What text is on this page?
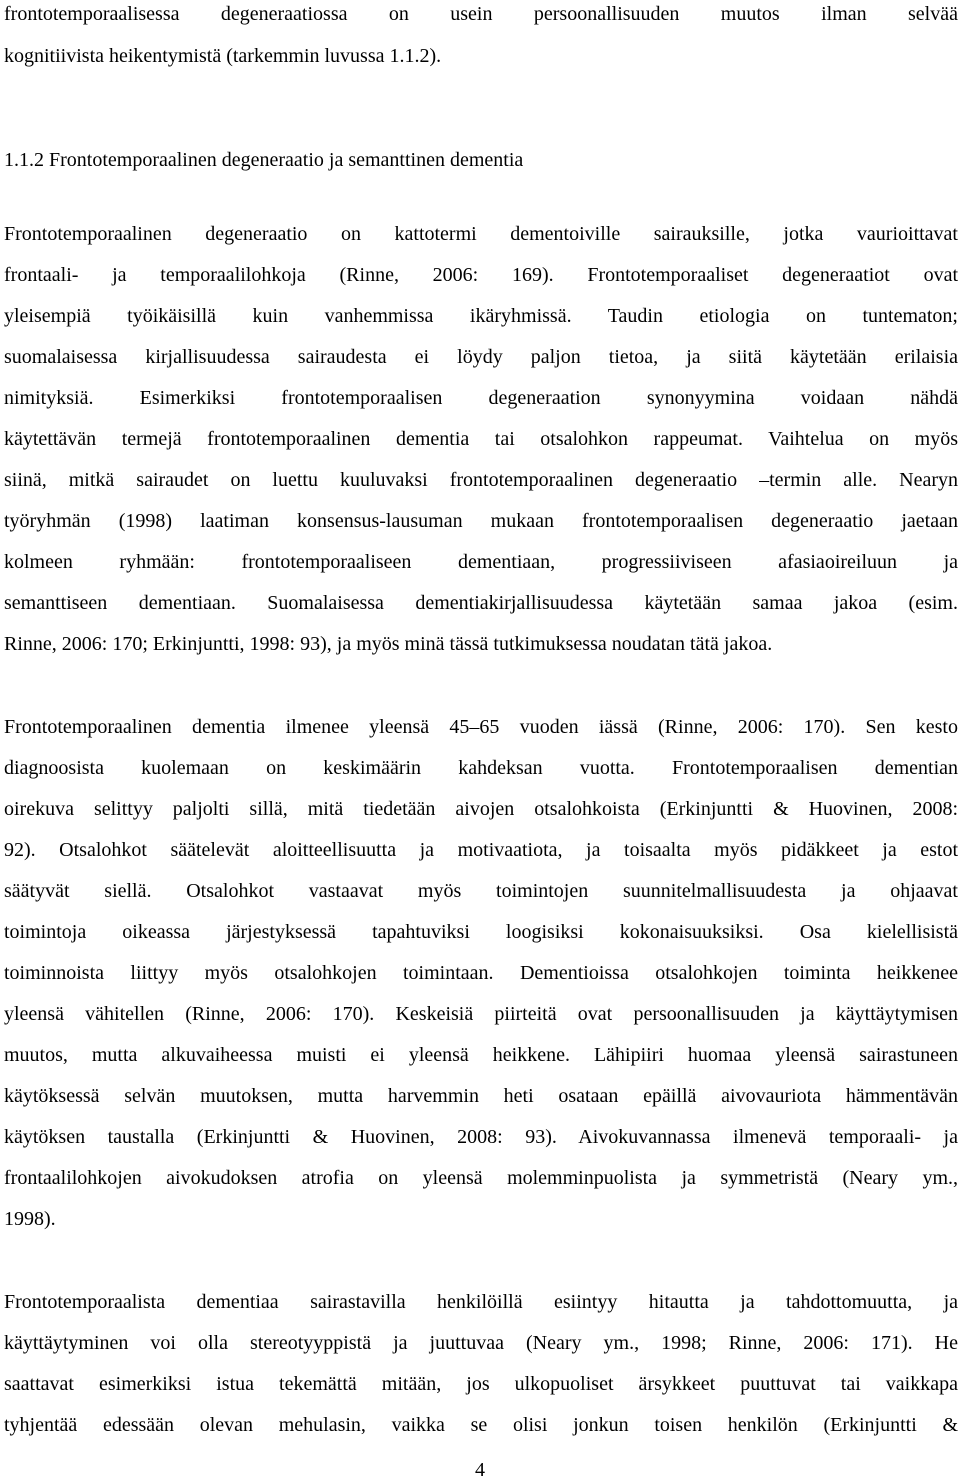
frontotemporaalisessa degeneraatiossa on usein persoonallisuuden muutos ilman selvää
kognitiivista heikentymistä (tarkemmin luvussa 1.1.2).
1.1.2 Frontotemporaalinen degeneraatio ja semanttinen dementia
Frontotemporaalinen degeneraatio on kattotermi dementoiville sairauksille, jotka vaurioittavat
frontaali- ja temporaalilohkoja (Rinne, 2006: 169). Frontotemporaaliset degeneraatiot ovat
yleisempiä työikäisillä kuin vanhemmissa ikäryhmissä. Taudin etiologia on tuntematon;
suomalaisessa kirjallisuudessa sairaudesta ei löydy paljon tietoa, ja siitä käytetään erilaisia
nimityksiä. Esimerkiksi frontotemporaalisen degeneraation synonyymina voidaan nähdä
käytettävän termejä frontotemporaalinen dementia tai otsalohkon rappeumat. Vaihtelua on myös
siinä, mitkä sairaudet on luettu kuuluvaksi frontotemporaalinen degeneraatio –termin alle. Nearyn
työryhmän (1998) laatiman konsensus-lausuman mukaan frontotemporaalisen degeneraatio jaetaan
kolmeen ryhmään: frontotemporaaliseen dementiaan, progressiiviseen afasiaoireiluun ja
semanttiseen dementiaan. Suomalaisessa dementiakirjallisuudessa käytetään samaa jakoa (esim.
Rinne, 2006: 170; Erkinjuntti, 1998: 93), ja myös minä tässä tutkimuksessa noudatan tätä jakoa.
Frontotemporaalinen dementia ilmenee yleensä 45–65 vuoden iässä (Rinne, 2006: 170). Sen kesto
diagnoosista kuolemaan on keskimäärin kahdeksan vuotta. Frontotemporaalisen dementian
oirekuva selittyy paljolti sillä, mitä tiedetään aivojen otsalohkoista (Erkinjuntti & Huovinen, 2008:
92). Otsalohkot säätelevät aloitteellisuutta ja motivaatiota, ja toisaalta myös pidäkkeet ja estot
säätyvät siellä. Otsalohkot vastaavat myös toimintojen suunnitelmallisuudesta ja ohjaavat
toimintoja oikeassa järjestyksessä tapahtuviksi loogisiksi kokonaisuuksiksi. Osa kielellisistä
toiminnoista liittyy myös otsalohkojen toimintaan. Dementioissa otsalohkojen toiminta heikkenee
yleensä vähitellen (Rinne, 2006: 170). Keskeisiä piirteitä ovat persoonallisuuden ja käyttäytymisen
muutos, mutta alkuvaiheessa muisti ei yleensä heikkene. Lähipiiri huomaa yleensä sairastuneen
käytöksessä selvän muutoksen, mutta harvemmin heti osataan epäillä aivovauriota hämmentävän
käytöksen taustalla (Erkinjuntti & Huovinen, 2008: 93). Aivokuvannassa ilmenevä temporaali- ja
frontaalilohkojen aivokudoksen atrofia on yleensä molemminpuolista ja symmetristä (Neary ym.,
1998).
Frontotemporaalista dementiaa sairastavilla henkilöillä esiintyy hitautta ja tahdottomuutta, ja
käyttäytyminen voi olla stereotyyppistä ja juuttuvaa (Neary ym., 1998; Rinne, 2006: 171). He
saattavat esimerkiksi istua tekemättä mitään, jos ulkopuoliset ärsykkeet puuttuvat tai vaikkapa
tyhjentää edessään olevan mehulasin, vaikka se olisi jonkun toisen henkilön (Erkinjuntti &
4
